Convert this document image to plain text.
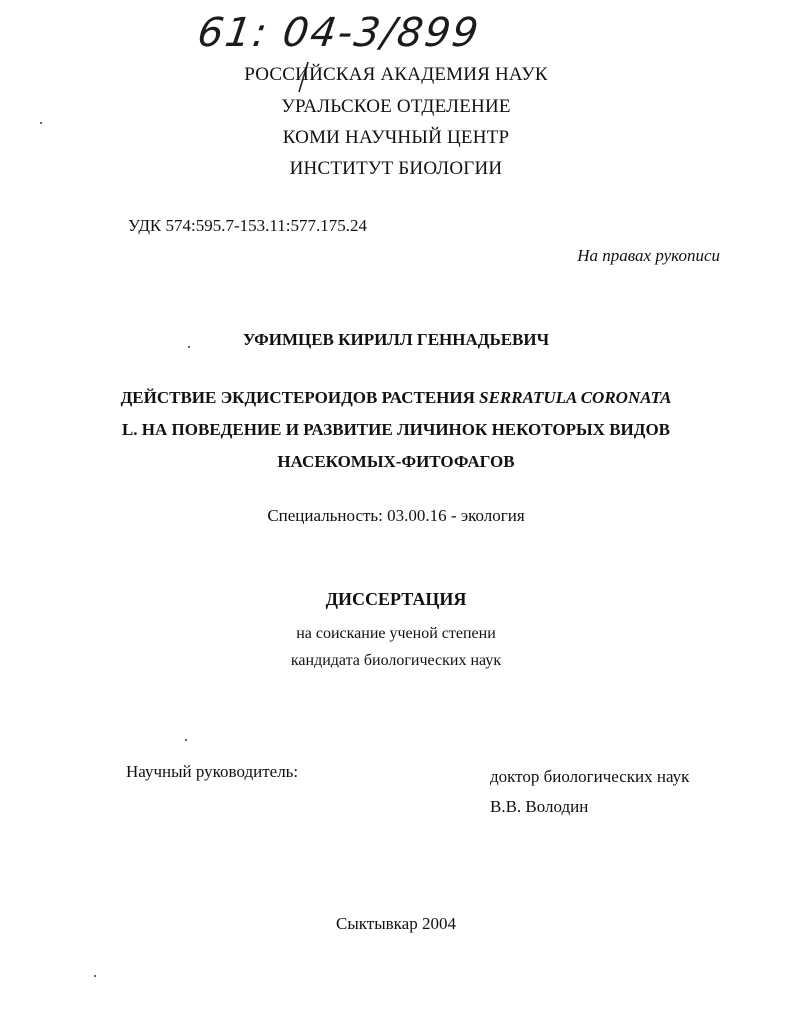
61: 04-3/899
РОССИЙСКАЯ АКАДЕМИЯ НАУК
УРАЛЬСКОЕ ОТДЕЛЕНИЕ
КОМИ НАУЧНЫЙ ЦЕНТР
ИНСТИТУТ БИОЛОГИИ
УДК 574:595.7-153.11:577.175.24
На правах рукописи
УФИМЦЕВ КИРИЛЛ ГЕННАДЬЕВИЧ
ДЕЙСТВИЕ ЭКДИСТЕРОИДОВ РАСТЕНИЯ SERRATULA CORONATA
L. НА ПОВЕДЕНИЕ И РАЗВИТИЕ ЛИЧИНОК НЕКОТОРЫХ ВИДОВ
НАСЕКОМЫХ-ФИТОФАГОВ
Специальность: 03.00.16 - экология
ДИССЕРТАЦИЯ
на соискание ученой степени
кандидата биологических наук
Научный руководитель:	доктор биологических наук
В.В. Володин
Сыктывкар 2004
